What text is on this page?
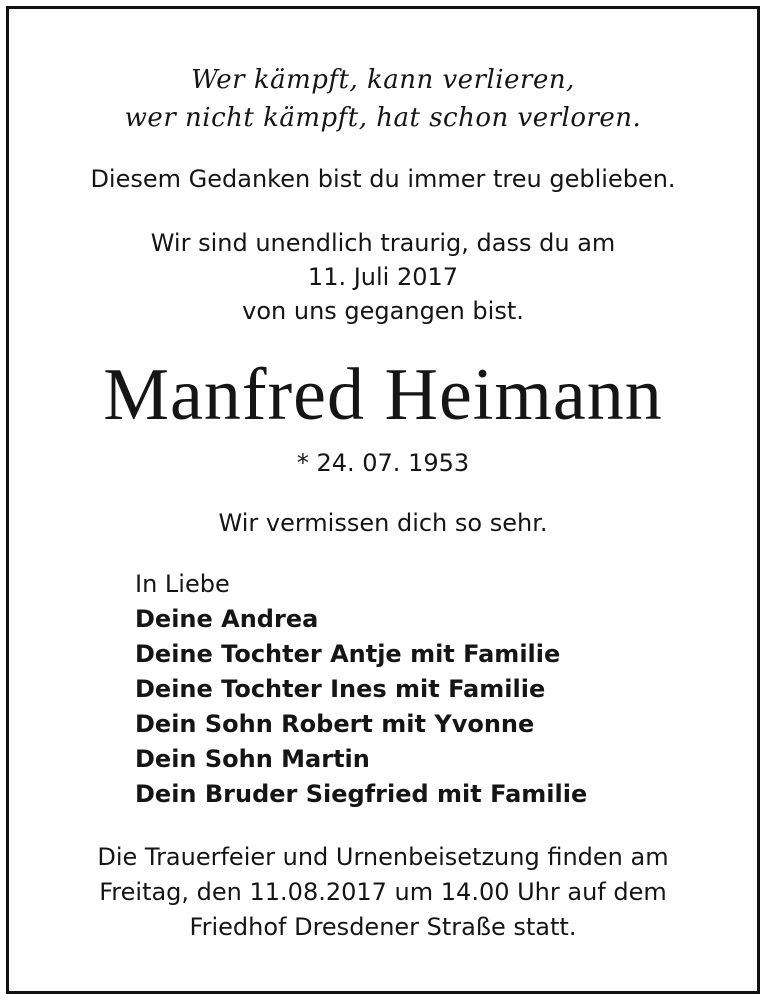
Wer kämpft, kann verlieren,
wer nicht kämpft, hat schon verloren.
Diesem Gedanken bist du immer treu geblieben.
Wir sind unendlich traurig, dass du am
11. Juli 2017
von uns gegangen bist.
Manfred Heimann
* 24. 07. 1953
Wir vermissen dich so sehr.
In Liebe
Deine Andrea
Deine Tochter Antje mit Familie
Deine Tochter Ines mit Familie
Dein Sohn Robert mit Yvonne
Dein Sohn Martin
Dein Bruder Siegfried mit Familie
Die Trauerfeier und Urnenbeisetzung finden am
Freitag, den 11.08.2017 um 14.00 Uhr auf dem
Friedhof Dresdener Straße statt.
